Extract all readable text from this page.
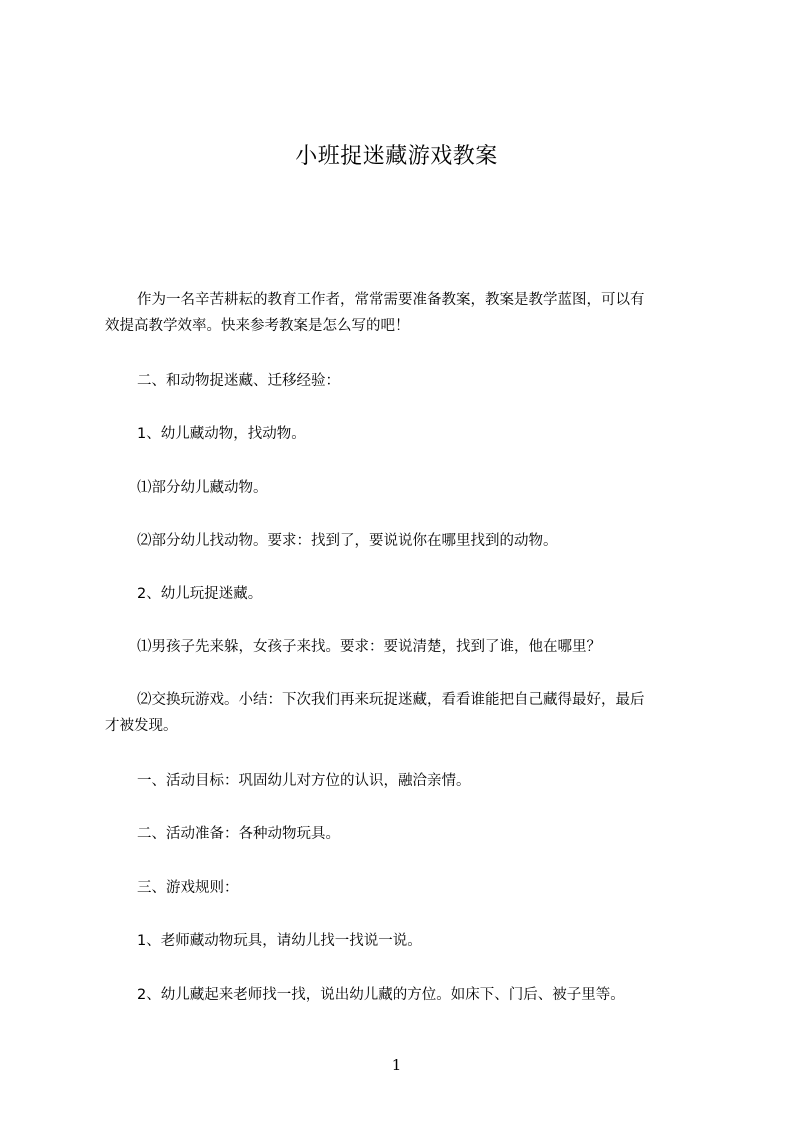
小班捉迷藏游戏教案
作为一名辛苦耕耘的教育工作者，常常需要准备教案，教案是教学蓝图，可以有
效提高教学效率。快来参考教案是怎么写的吧！
二、和动物捉迷藏、迁移经验：
1、幼儿藏动物，找动物。
⑴部分幼儿藏动物。
⑵部分幼儿找动物。要求：找到了，要说说你在哪里找到的动物。
2、幼儿玩捉迷藏。
⑴男孩子先来躲，女孩子来找。要求：要说清楚，找到了谁，他在哪里？
⑵交换玩游戏。小结：下次我们再来玩捉迷藏，看看谁能把自己藏得最好，最后
才被发现。
一、活动目标：巩固幼儿对方位的认识，融洽亲情。
二、活动准备：各种动物玩具。
三、游戏规则：
1、老师藏动物玩具，请幼儿找一找说一说。
2、幼儿藏起来老师找一找，说出幼儿藏的方位。如床下、门后、被子里等。
1
